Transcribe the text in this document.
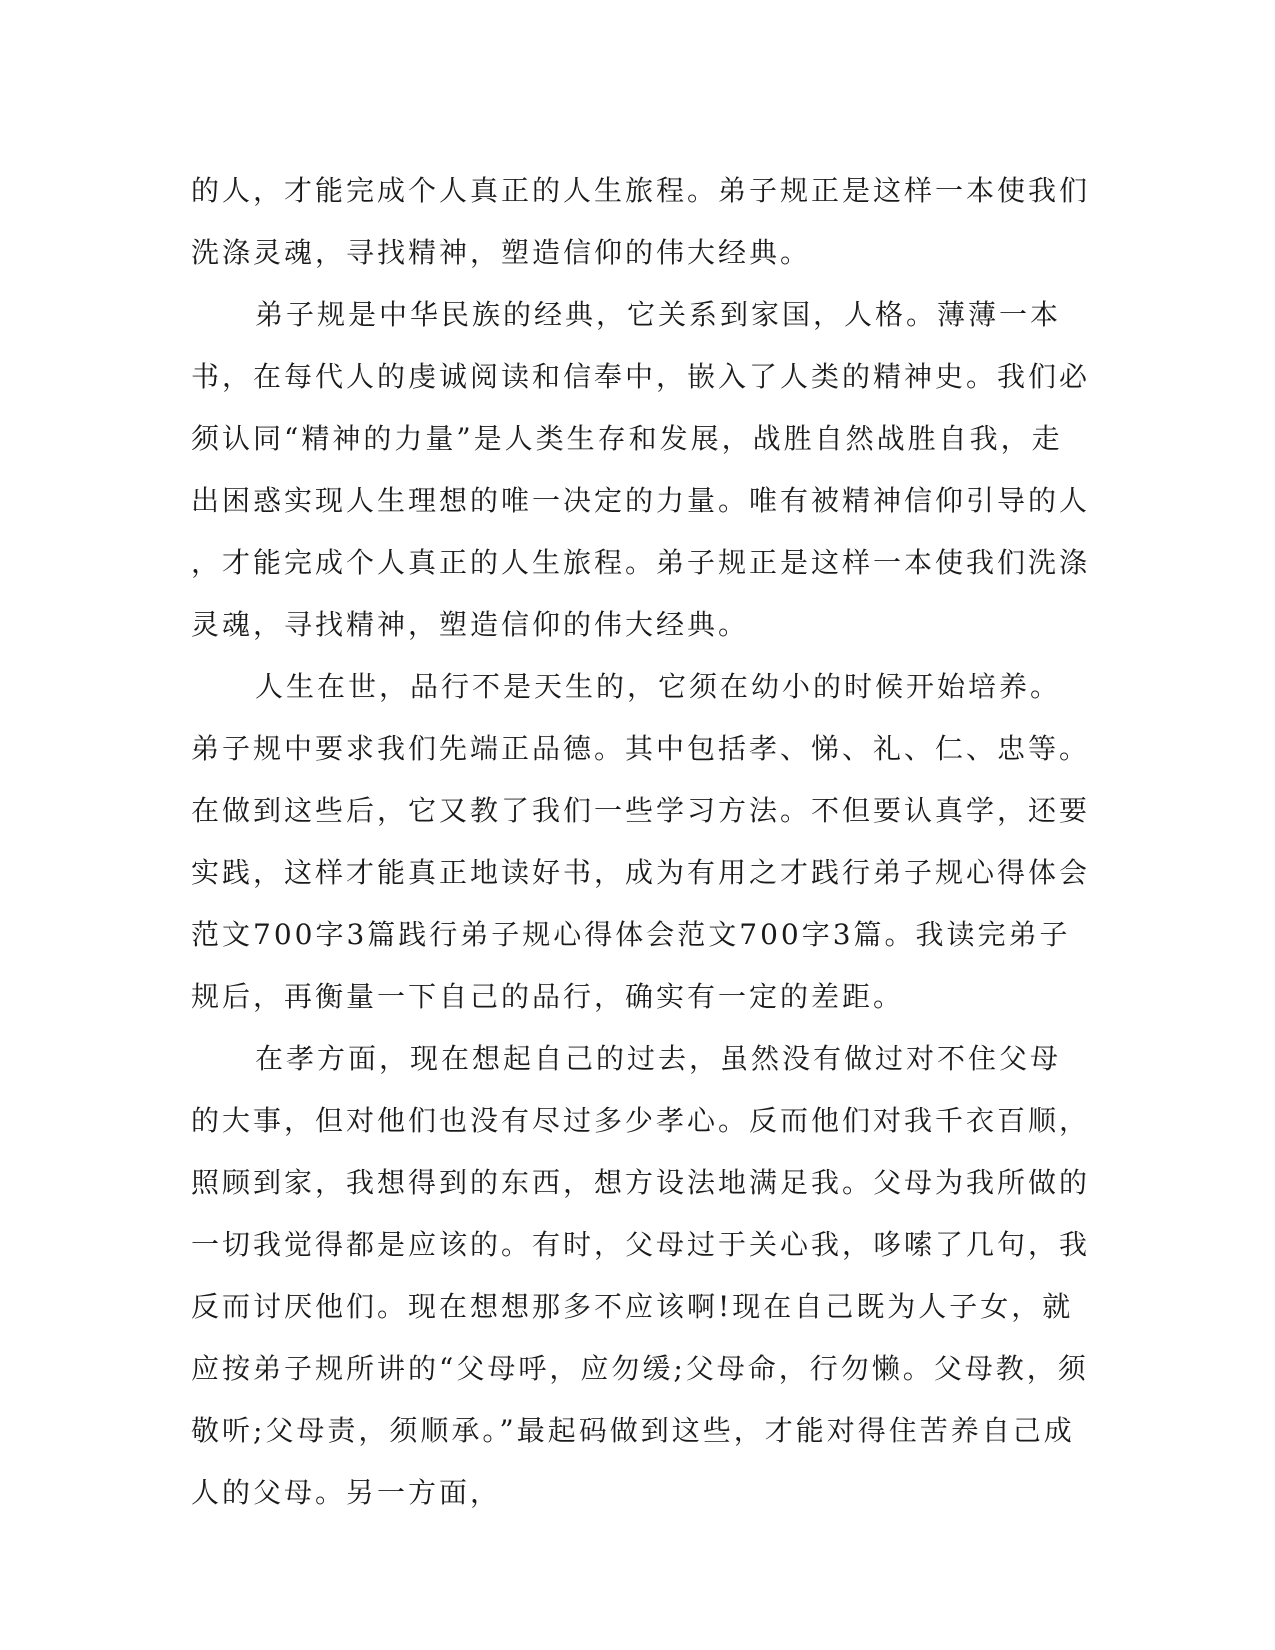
的人，才能完成个人真正的人生旅程。弟子规正是这样一本使我们洗涤灵魂，寻找精神，塑造信仰的伟大经典。

弟子规是中华民族的经典，它关系到家国，人格。薄薄一本书，在每代人的虔诚阅读和信奉中，嵌入了人类的精神史。我们必须认同“精神的力量”是人类生存和发展，战胜自然战胜自我，走出困惑实现人生理想的唯一决定的力量。唯有被精神信仰引导的人，才能完成个人真正的人生旅程。弟子规正是这样一本使我们洗涤灵魂，寻找精神，塑造信仰的伟大经典。

人生在世，品行不是天生的，它须在幼小的时候开始培养。弟子规中要求我们先端正品德。其中包括孝、悌、礼、仁、忠等。在做到这些后，它又教了我们一些学习方法。不但要认真学，还要实践，这样才能真正地读好书，成为有用之才践行弟子规心得体会范文700字3篇践行弟子规心得体会范文700字3篇。我读完弟子规后，再衡量一下自己的品行，确实有一定的差距。

在孝方面，现在想起自己的过去，虽然没有做过对不住父母的大事，但对他们也没有尽过多少孝心。反而他们对我千衣百顺，照顾到家，我想得到的东西，想方设法地满足我。父母为我所做的一切我觉得都是应该的。有时，父母过于关心我，哆嗦了几句，我反而讨厌他们。现在想想那多不应该啊!现在自己既为人子女，就应按弟子规所讲的“父母呼，应勿缓;父母命，行勿懒。父母教，须敬听;父母责，须顺承。”最起码做到这些，才能对得住苦养自己成人的父母。另一方面，
